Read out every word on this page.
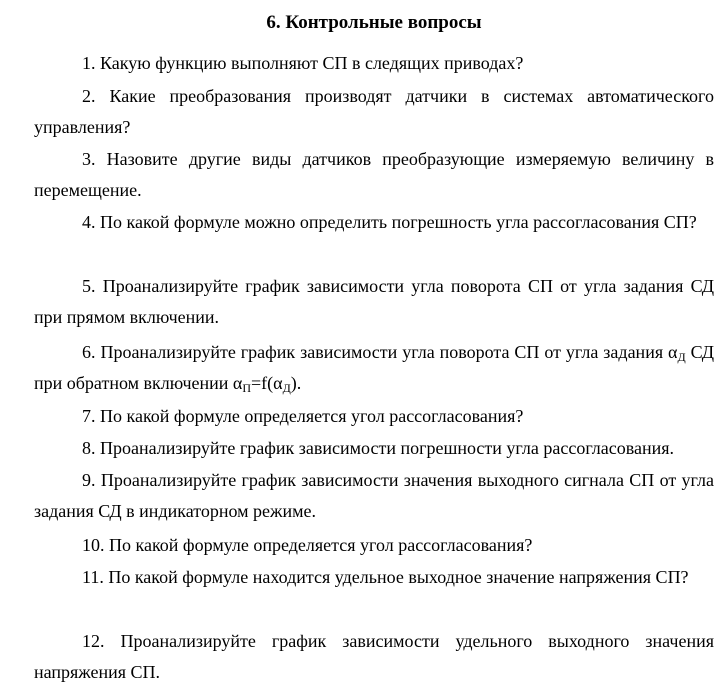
6. Контрольные вопросы
1. Какую функцию выполняют СП в следящих приводах?
2. Какие преобразования производят датчики в системах автоматического управления?
3. Назовите другие виды датчиков преобразующие измеряемую величину в перемещение.
4. По какой формуле можно определить погрешность угла рассогласования СП?
5. Проанализируйте график зависимости угла поворота СП от угла задания СД при прямом включении.
6. Проанализируйте график зависимости угла поворота СП от угла задания $\alpha_Д$ СД при обратном включении $\alpha_П=f(\alpha_Д)$.
7. По какой формуле определяется угол рассогласования?
8. Проанализируйте график зависимости погрешности угла рассогласования.
9. Проанализируйте график зависимости значения выходного сигнала СП от угла задания СД в индикаторном режиме.
10. По какой формуле определяется угол рассогласования?
11. По какой формуле находится удельное выходное значение напряжения СП?
12. Проанализируйте график зависимости удельного выходного значения напряжения СП.
